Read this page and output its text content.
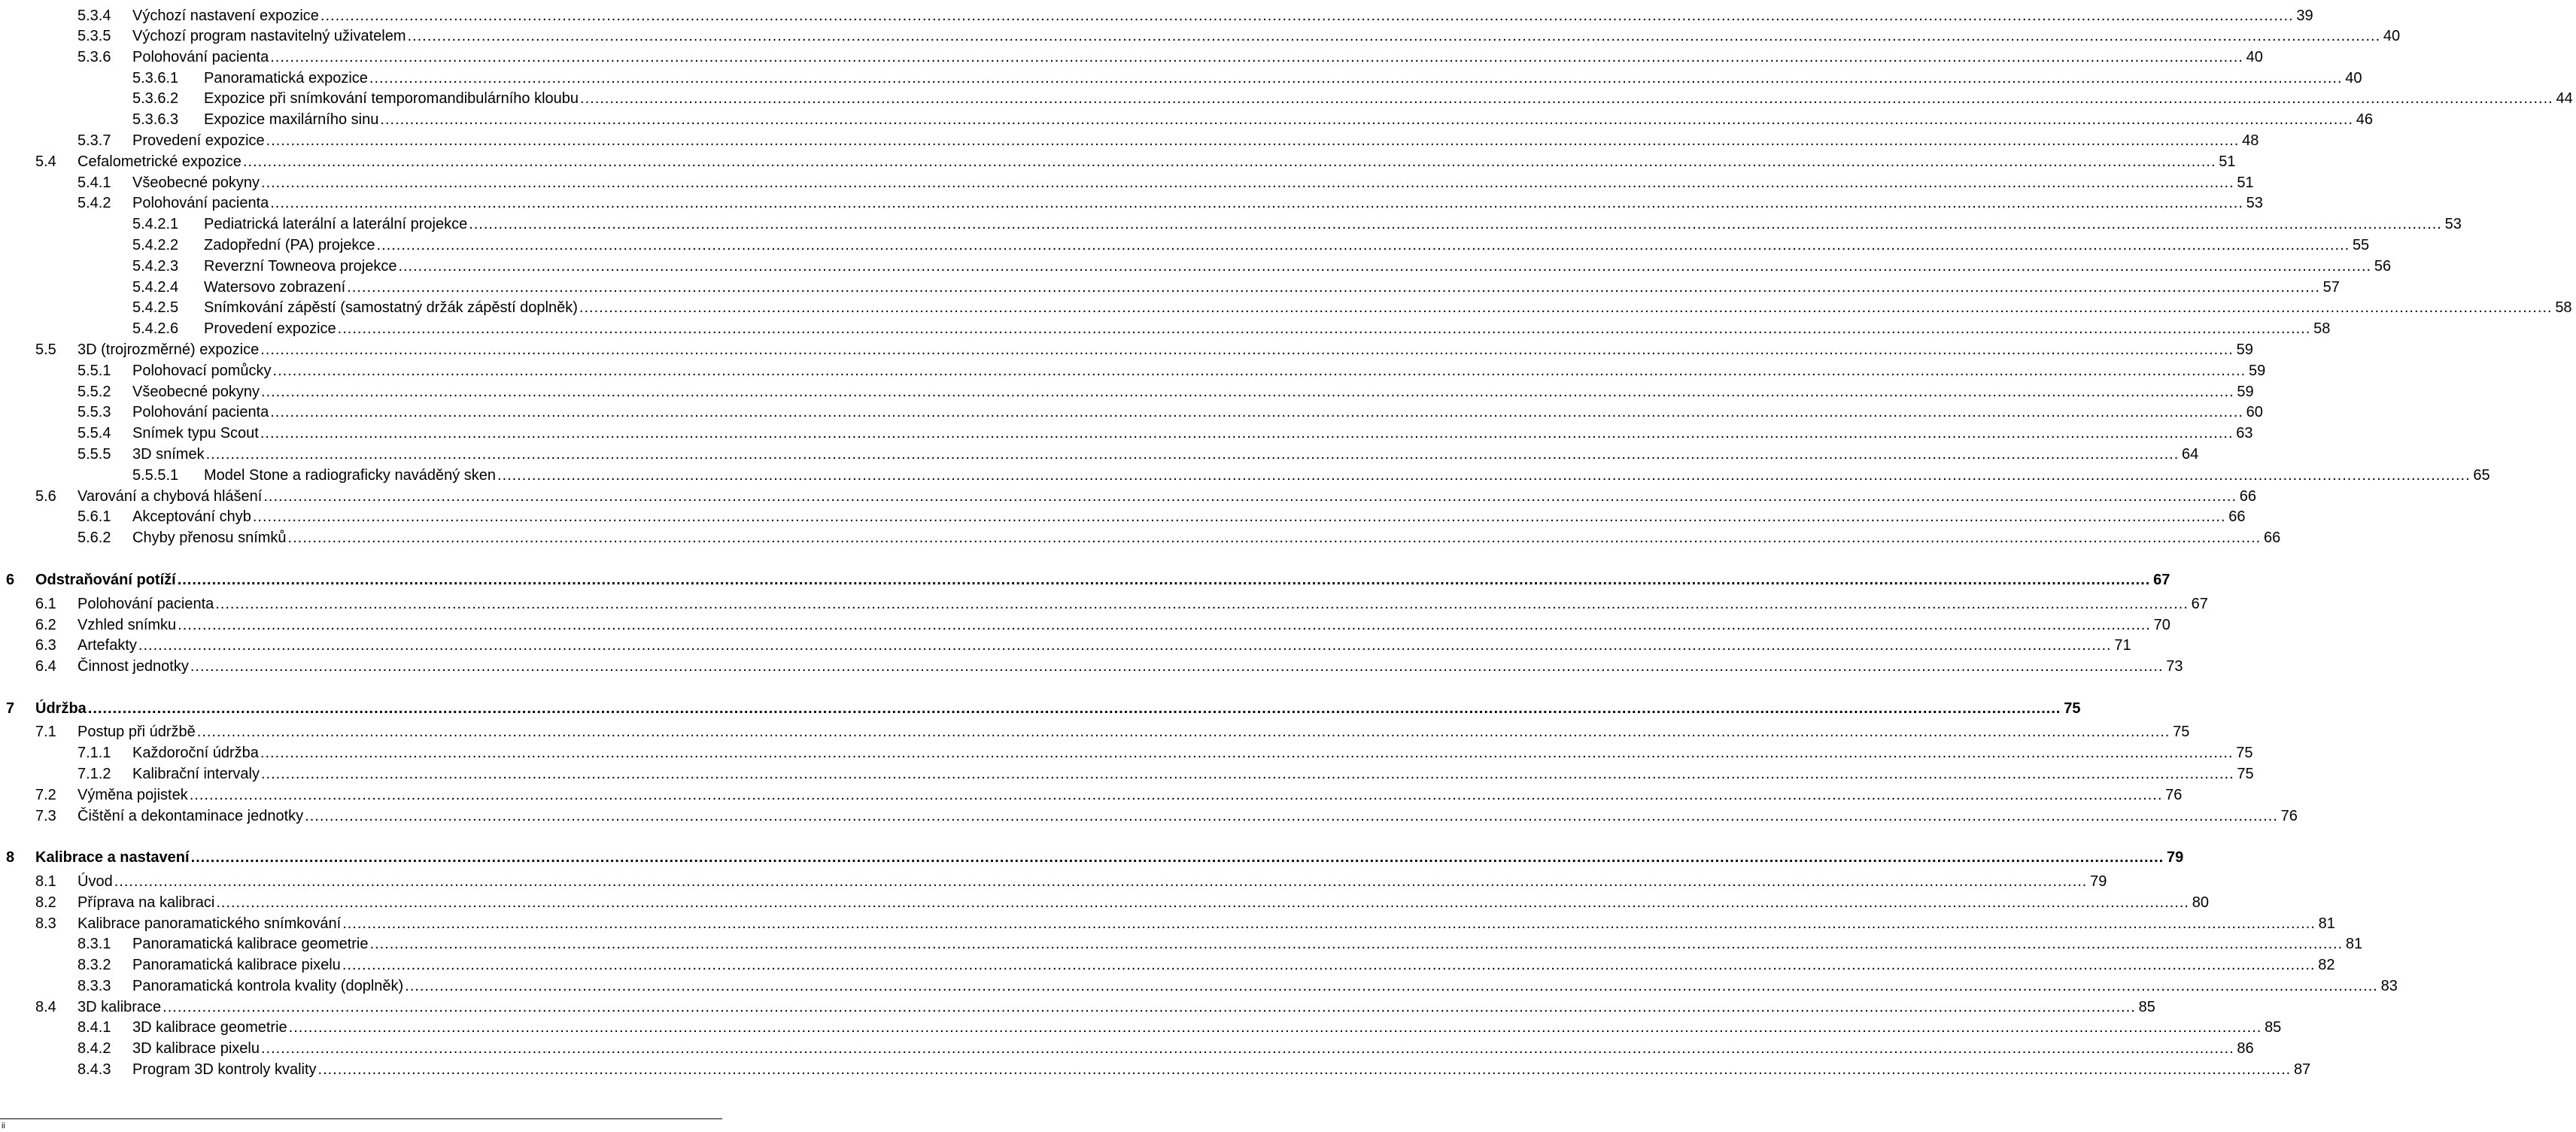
5.3.4 Výchozí nastavení expozice ................................................................................................................................................................................................................................................................................................................................................................................................................ 39
5.3.5 Výchozí program nastavitelný uživatelem ................................................................................................................................................................................................................................................................................................................................................................................................................ 40
5.3.6 Polohování pacienta ................................................................................................................................................................................................................................................................................................................................................................................................................ 40
5.3.6.1 Panoramatická expozice ................................................................................................................................................................................................................................................................................................................................................................................................................ 40
5.3.6.2 Expozice při snímkování temporomandibulárního kloubu ................................................................................................................................................................................................................................................................................................................................................................................................................ 44
5.3.6.3 Expozice maxilárního sinu ................................................................................................................................................................................................................................................................................................................................................................................................................ 46
5.3.7 Provedení expozice ................................................................................................................................................................................................................................................................................................................................................................................................................ 48
5.4 Cefalometrické expozice ................................................................................................................................................................................................................................................................................................................................................................................................................ 51
5.4.1 Všeobecné pokyny ................................................................................................................................................................................................................................................................................................................................................................................................................ 51
5.4.2 Polohování pacienta ................................................................................................................................................................................................................................................................................................................................................................................................................ 53
5.4.2.1 Pediatrická laterální a laterální projekce ................................................................................................................................................................................................................................................................................................................................................................................................................ 53
5.4.2.2 Zadopřední (PA) projekce ................................................................................................................................................................................................................................................................................................................................................................................................................ 55
5.4.2.3 Reverzní Towneova projekce ................................................................................................................................................................................................................................................................................................................................................................................................................ 56
5.4.2.4 Watersovo zobrazení ................................................................................................................................................................................................................................................................................................................................................................................................................ 57
5.4.2.5 Snímkování zápěstí (samostatný držák zápěstí doplněk) ................................................................................................................................................................................................................................................................................................................................................................................................................ 58
5.4.2.6 Provedení expozice ................................................................................................................................................................................................................................................................................................................................................................................................................ 58
5.5 3D (trojrozměrné) expozice ................................................................................................................................................................................................................................................................................................................................................................................................................ 59
5.5.1 Polohovací pomůcky ................................................................................................................................................................................................................................................................................................................................................................................................................ 59
5.5.2 Všeobecné pokyny ................................................................................................................................................................................................................................................................................................................................................................................................................ 59
5.5.3 Polohování pacienta ................................................................................................................................................................................................................................................................................................................................................................................................................ 60
5.5.4 Snímek typu Scout ................................................................................................................................................................................................................................................................................................................................................................................................................ 63
5.5.5 3D snímek ................................................................................................................................................................................................................................................................................................................................................................................................................ 64
5.5.5.1 Model Stone a radiograficky naváděný sken ................................................................................................................................................................................................................................................................................................................................................................................................................ 65
5.6 Varování a chybová hlášení ................................................................................................................................................................................................................................................................................................................................................................................................................ 66
5.6.1 Akceptování chyb ................................................................................................................................................................................................................................................................................................................................................................................................................ 66
5.6.2 Chyby přenosu snímků ................................................................................................................................................................................................................................................................................................................................................................................................................ 66
6 Odstraňování potíží ................................................................................................................................................................................................................................................................................................................................................................................................................ 67
6.1 Polohování pacienta ................................................................................................................................................................................................................................................................................................................................................................................................................ 67
6.2 Vzhled snímku ................................................................................................................................................................................................................................................................................................................................................................................................................ 70
6.3 Artefakty ................................................................................................................................................................................................................................................................................................................................................................................................................ 71
6.4 Činnost jednotky ................................................................................................................................................................................................................................................................................................................................................................................................................ 73
7 Údržba ................................................................................................................................................................................................................................................................................................................................................................................................................ 75
7.1 Postup při údržbě ................................................................................................................................................................................................................................................................................................................................................................................................................ 75
7.1.1 Každoroční údržba ................................................................................................................................................................................................................................................................................................................................................................................................................ 75
7.1.2 Kalibrační intervaly ................................................................................................................................................................................................................................................................................................................................................................................................................ 75
7.2 Výměna pojistek ................................................................................................................................................................................................................................................................................................................................................................................................................ 76
7.3 Čištění a dekontaminace jednotky ................................................................................................................................................................................................................................................................................................................................................................................................................ 76
8 Kalibrace a nastavení ................................................................................................................................................................................................................................................................................................................................................................................................................ 79
8.1 Úvod ................................................................................................................................................................................................................................................................................................................................................................................................................ 79
8.2 Příprava na kalibraci ................................................................................................................................................................................................................................................................................................................................................................................................................ 80
8.3 Kalibrace panoramatického snímkování ................................................................................................................................................................................................................................................................................................................................................................................................................ 81
8.3.1 Panoramatická kalibrace geometrie ................................................................................................................................................................................................................................................................................................................................................................................................................ 81
8.3.2 Panoramatická kalibrace pixelu ................................................................................................................................................................................................................................................................................................................................................................................................................ 82
8.3.3 Panoramatická kontrola kvality (doplněk) ................................................................................................................................................................................................................................................................................................................................................................................................................ 83
8.4 3D kalibrace ................................................................................................................................................................................................................................................................................................................................................................................................................ 85
8.4.1 3D kalibrace geometrie ................................................................................................................................................................................................................................................................................................................................................................................................................ 85
8.4.2 3D kalibrace pixelu ................................................................................................................................................................................................................................................................................................................................................................................................................ 86
8.4.3 Program 3D kontroly kvality ................................................................................................................................................................................................................................................................................................................................................................................................................ 87
ii
